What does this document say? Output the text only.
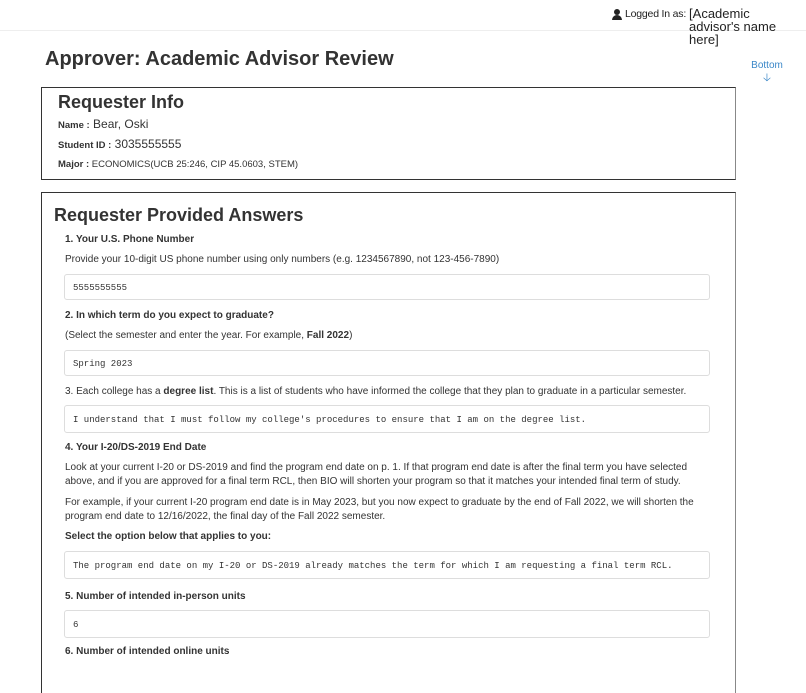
Logged In as: [Academic advisor's name here]
Approver: Academic Advisor Review	Bottom
🡣
Requester Info
Name : Bear, Oski
Student ID : 3035555555
Major : ECONOMICS(UCB 25:246, CIP 45.0603, STEM)
Requester Provided Answers
1. Your U.S. Phone Number
Provide your 10-digit US phone number using only numbers (e.g. 1234567890, not 123-456-7890)
5555555555
2. In which term do you expect to graduate?
(Select the semester and enter the year. For example, Fall 2022)
Spring 2023
3. Each college has a degree list. This is a list of students who have informed the college that they plan to graduate in a particular semester.
I understand that I must follow my college's procedures to ensure that I am on the degree list.
4. Your I-20/DS-2019 End Date
Look at your current I-20 or DS-2019 and find the program end date on p. 1. If that program end date is after the final term you have selected above, and if you are approved for a final term RCL, then BIO will shorten your program so that it matches your intended final term of study.
For example, if your current I-20 program end date is in May 2023, but you now expect to graduate by the end of Fall 2022, we will shorten the program end date to 12/16/2022, the final day of the Fall 2022 semester.
Select the option below that applies to you:
The program end date on my I-20 or DS-2019 already matches the term for which I am requesting a final term RCL.
5. Number of intended in-person units
6
6. Number of intended online units
